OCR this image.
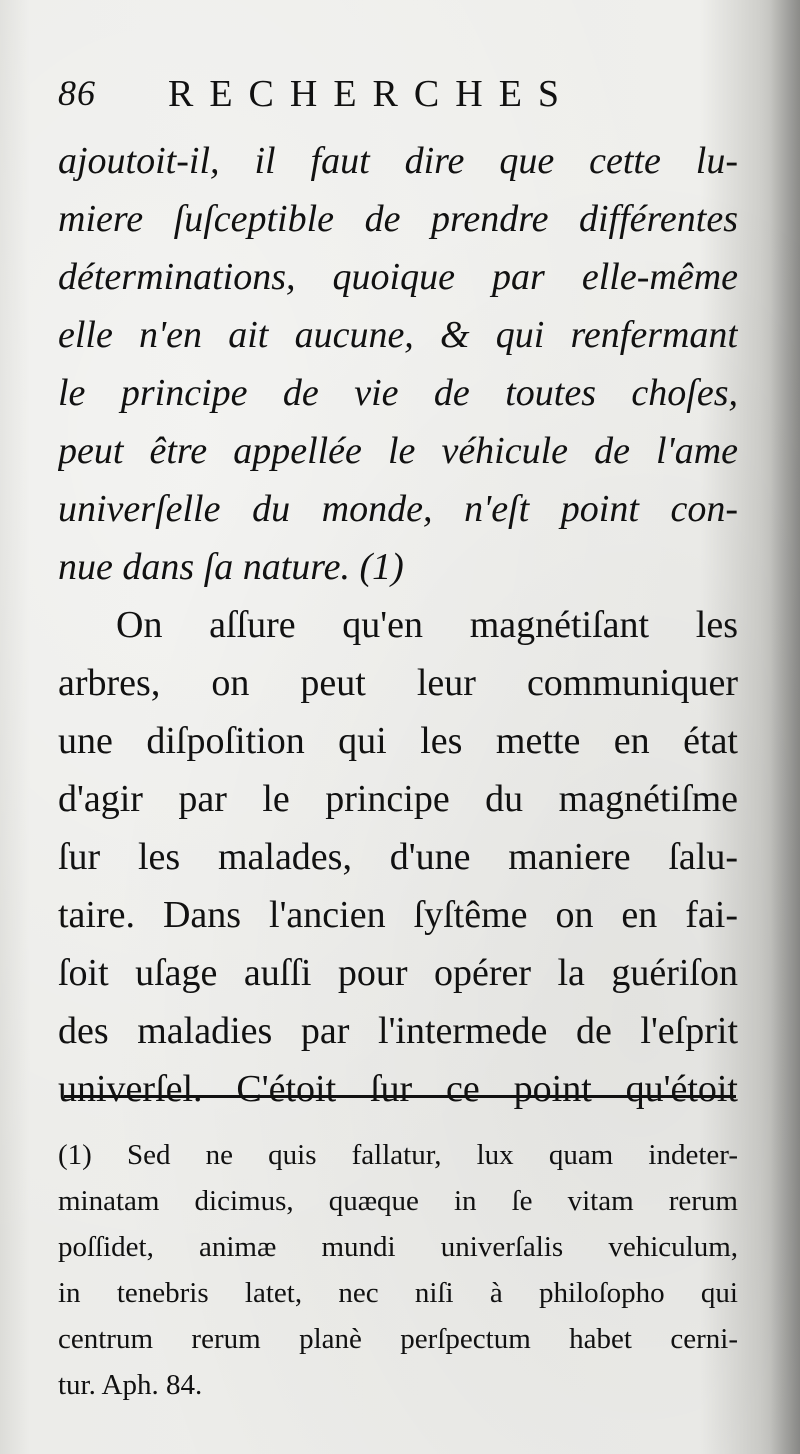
86 RECHERCHES
ajoutoit-il, il faut dire que cette lu-
miere ſuſceptible de prendre différentes
déterminations, quoique par elle-même
elle n'en ait aucune, & qui renfermant
le principe de vie de toutes choſes,
peut être appellée le véhicule de l'ame
univerſelle du monde, n'eſt point con-
nue dans ſa nature. (1)
On aſſure qu'en magnétiſant les
arbres, on peut leur communiquer
une diſpoſition qui les mette en état
d'agir par le principe du magnétiſme
ſur les malades, d'une maniere ſalu-
taire. Dans l'ancien ſyſtême on en fai-
ſoit uſage auſſi pour opérer la guériſon
des maladies par l'intermede de l'eſprit
univerſel. C'étoit ſur ce point qu'étoit
(1) Sed ne quis fallatur, lux quam indeter-
minatam dicimus, quæque in ſe vitam rerum
poſſidet, animæ mundi univerſalis vehiculum,
in tenebris latet, nec niſi à philoſopho qui
centrum rerum planè perſpectum habet cerni-
tur. Aph. 84.
